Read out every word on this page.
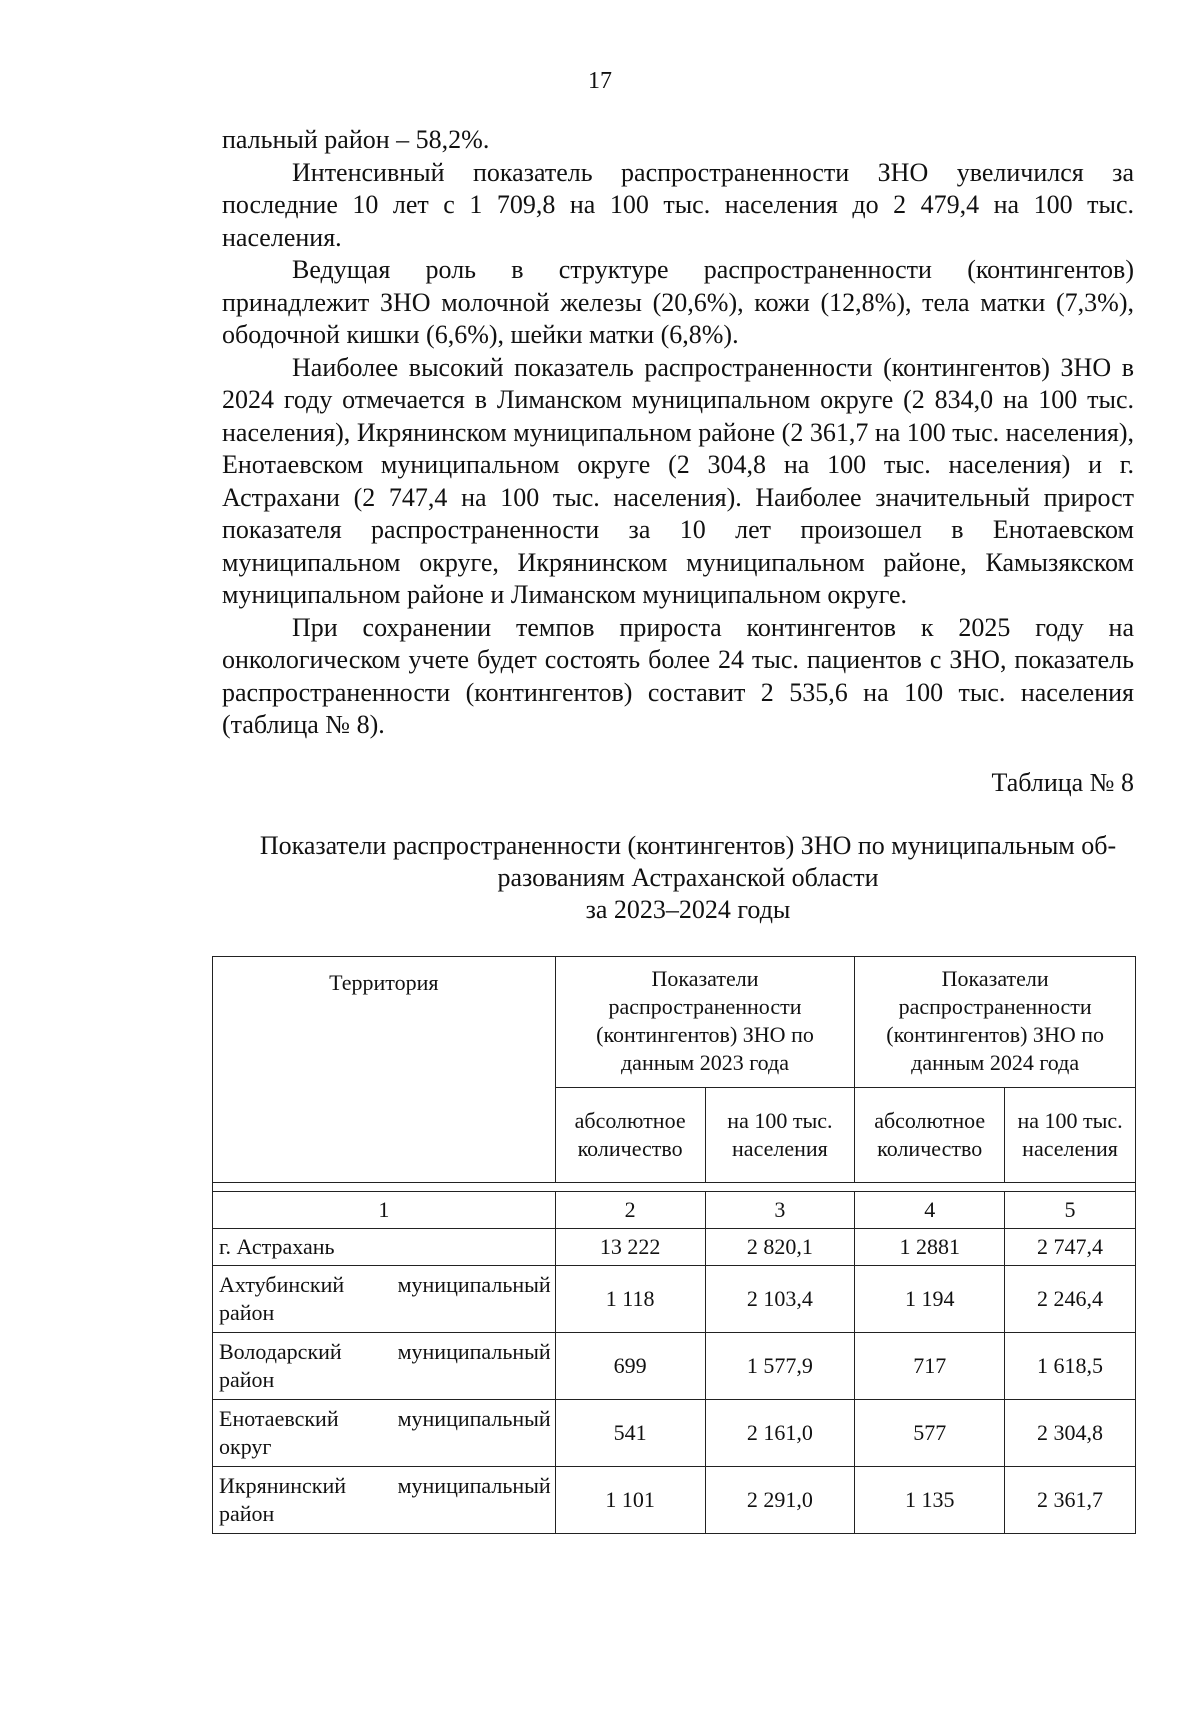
17

пальный район – 58,2%.

Интенсивный показатель распространенности ЗНО увеличился за последние 10 лет с 1 709,8 на 100 тыс. населения до 2 479,4 на 100 тыс. населения.

Ведущая роль в структуре распространенности (контингентов) принадлежит ЗНО молочной железы (20,6%), кожи (12,8%), тела матки (7,3%), ободочной кишки (6,6%), шейки матки (6,8%).

Наиболее высокий показатель распространенности (контингентов) ЗНО в 2024 году отмечается в Лиманском муниципальном округе (2 834,0 на 100 тыс. населения), Икрянинском муниципальном районе (2 361,7 на 100 тыс. населения), Енотаевском муниципальном округе (2 304,8 на 100 тыс. населения) и г. Астрахани (2 747,4 на 100 тыс. населения). Наиболее значительный прирост показателя распространенности за 10 лет произошел в Енотаевском муниципальном округе, Икрянинском муниципальном районе, Камызякском муниципальном районе и Лиманском муниципальном округе.

При сохранении темпов прироста контингентов к 2025 году на онкологическом учете будет состоять более 24 тыс. пациентов с ЗНО, показатель распространенности (контингентов) составит 2 535,6 на 100 тыс. населения (таблица № 8).

Таблица № 8
Показатели распространенности (контингентов) ЗНО по муниципальным об-
разованиям Астраханской области
за 2023–2024 годы
Территория	Показатели распространенности (контингентов) ЗНО по данным 2023 года		Показатели распространенности (контингентов) ЗНО по данным 2024 года	
	абсолютное количество	на 100 тыс. населения	абсолютное количество	на 100 тыс. населения

1	2	3	4	5
г. Астрахань	13 222	2 820,1	1 2881	2 747,4

Ахтубинский муниципальный
район	1 118	2 103,4	1 194	2 246,4

Володарский муниципальный
район	699	1 577,9	717	1 618,5

Енотаевский муниципальный
округ	541	2 161,0	577	2 304,8

Икрянинский муниципальный
район	1 101	2 291,0	1 135	2 361,7
